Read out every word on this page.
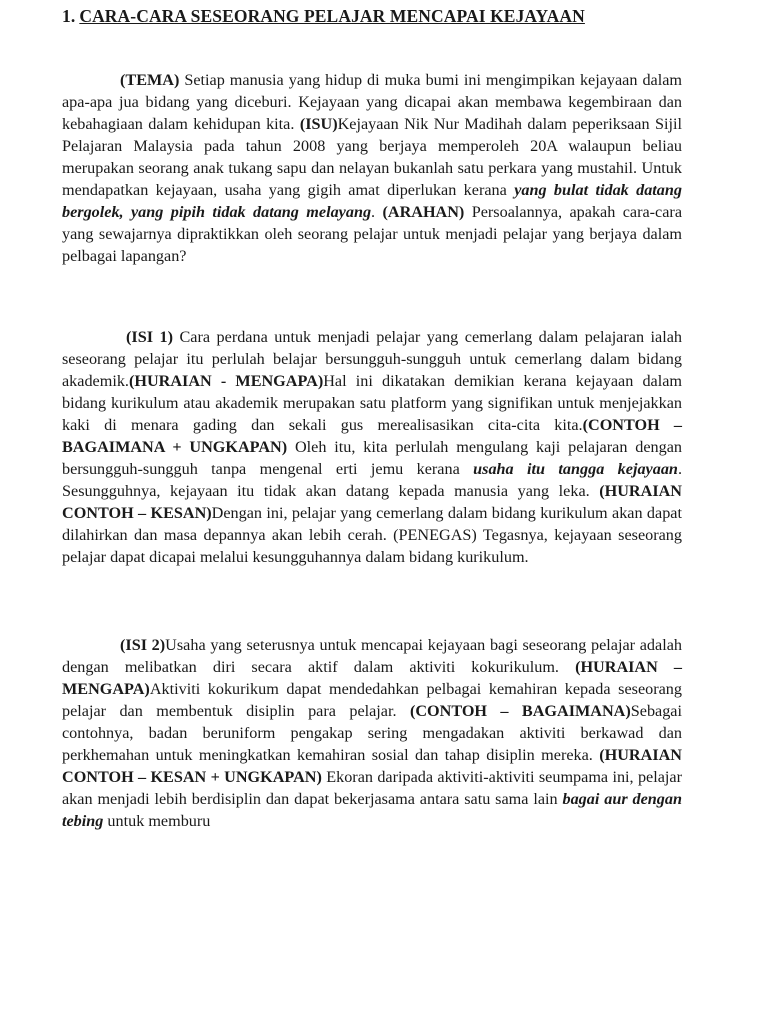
1. CARA-CARA SESEORANG PELAJAR MENCAPAI KEJAYAAN

(TEMA) Setiap manusia yang hidup di muka bumi ini mengimpikan kejayaan dalam apa-apa jua bidang yang diceburi. Kejayaan yang dicapai akan membawa kegembiraan dan kebahagiaan dalam kehidupan kita. (ISU)Kejayaan Nik Nur Madihah dalam peperiksaan Sijil Pelajaran Malaysia pada tahun 2008 yang berjaya memperoleh 20A walaupun beliau merupakan seorang anak tukang sapu dan nelayan bukanlah satu perkara yang mustahil. Untuk mendapatkan kejayaan, usaha yang gigih amat diperlukan kerana yang bulat tidak datang bergolek, yang pipih tidak datang melayang. (ARAHAN) Persoalannya, apakah cara-cara yang sewajarnya dipraktikkan oleh seorang pelajar untuk menjadi pelajar yang berjaya dalam pelbagai lapangan?

(ISI 1) Cara perdana untuk menjadi pelajar yang cemerlang dalam pelajaran ialah seseorang pelajar itu perlulah belajar bersungguh-sungguh untuk cemerlang dalam bidang akademik.(HURAIAN - MENGAPA)Hal ini dikatakan demikian kerana kejayaan dalam bidang kurikulum atau akademik merupakan satu platform yang signifikan untuk menjejakkan kaki di menara gading dan sekali gus merealisasikan cita-cita kita.(CONTOH – BAGAIMANA + UNGKAPAN) Oleh itu, kita perlulah mengulang kaji pelajaran dengan bersungguh-sungguh tanpa mengenal erti jemu kerana usaha itu tangga kejayaan. Sesungguhnya, kejayaan itu tidak akan datang kepada manusia yang leka. (HURAIAN CONTOH – KESAN)Dengan ini, pelajar yang cemerlang dalam bidang kurikulum akan dapat dilahirkan dan masa depannya akan lebih cerah. (PENEGAS) Tegasnya, kejayaan seseorang pelajar dapat dicapai melalui kesungguhannya dalam bidang kurikulum.

(ISI 2)Usaha yang seterusnya untuk mencapai kejayaan bagi seseorang pelajar adalah dengan melibatkan diri secara aktif dalam aktiviti kokurikulum. (HURAIAN – MENGAPA)Aktiviti kokurikum dapat mendedahkan pelbagai kemahiran kepada seseorang pelajar dan membentuk disiplin para pelajar. (CONTOH – BAGAIMANA)Sebagai contohnya, badan beruniform pengakap sering mengadakan aktiviti berkawad dan perkhemahan untuk meningkatkan kemahiran sosial dan tahap disiplin mereka. (HURAIAN CONTOH – KESAN + UNGKAPAN) Ekoran daripada aktiviti-aktiviti seumpama ini, pelajar akan menjadi lebih berdisiplin dan dapat bekerjasama antara satu sama lain bagai aur dengan tebing untuk memburu
